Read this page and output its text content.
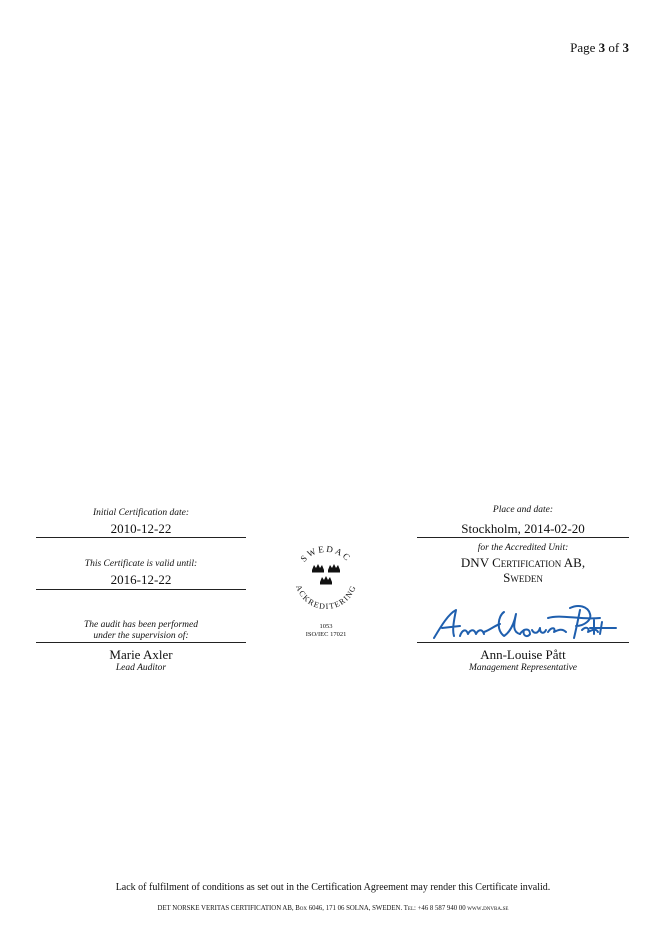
Page 3 of 3
Initial Certification date:
2010-12-22
This Certificate is valid until:
2016-12-22
The audit has been performed
under the supervision of:
Marie Axler
Lead Auditor
SWEDAC
ACKREDITERING
1053
ISO/IEC 17021
Place and date:
Stockholm, 2014-02-20
for the Accredited Unit:
DNV Certification AB,
Sweden
Ann-Louise Pått
Management Representative
Lack of fulfilment of conditions as set out in the Certification Agreement may render this Certificate invalid.
DET NORSKE VERITAS CERTIFICATION AB, Box 6046, 171 06 SOLNA, SWEDEN. Tel: +46 8 587 940 00 www.dnvba.se
